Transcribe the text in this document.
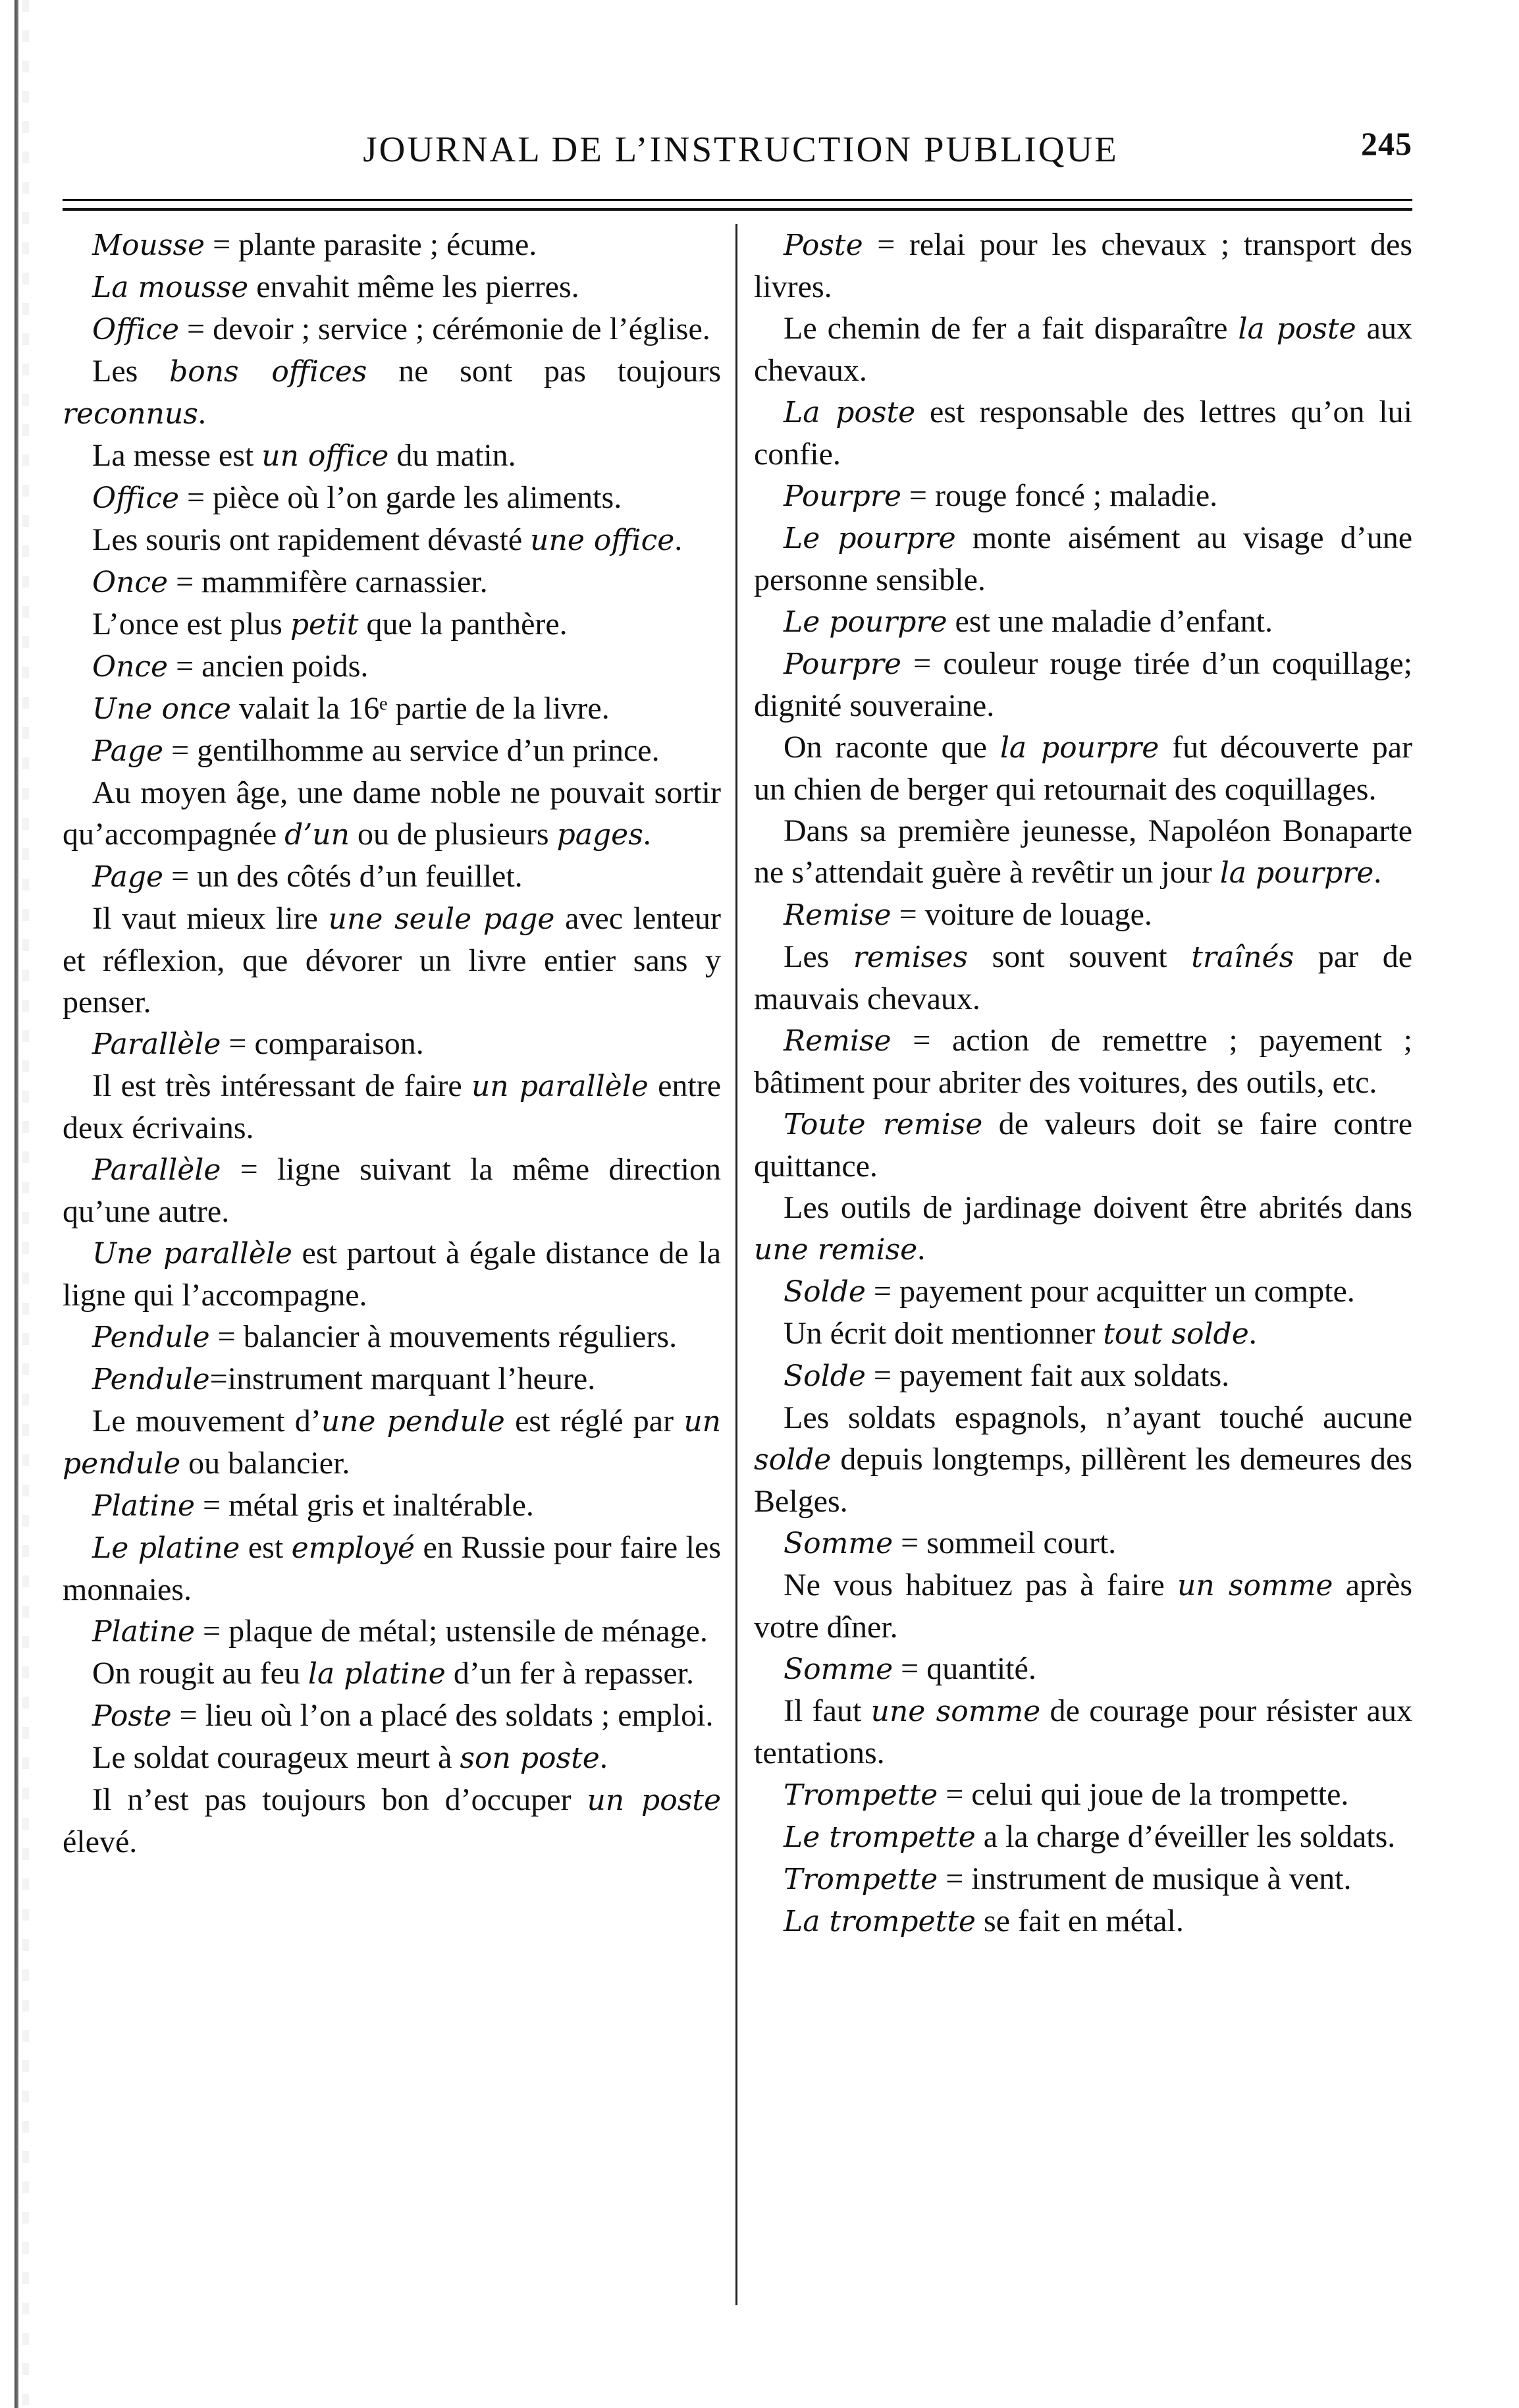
JOURNAL DE L’INSTRUCTION PUBLIQUE	245

Mousse = plante parasite ; écume.

La mousse envahit même les pierres.

Office = devoir ; service ; cérémonie de l’église.

Les bons offices ne sont pas toujours reconnus.

La messe est un office du matin.

Office = pièce où l’on garde les aliments.

Les souris ont rapidement dévasté une office.

Once = mammifère carnassier.

L’once est plus petit que la panthère.

Once = ancien poids.

Une once valait la 16ᵉ partie de la livre.

Page = gentilhomme au service d’un prince.

Au moyen âge, une dame noble ne pouvait sortir qu’accompagnée d’un ou de plusieurs pages.

Page = un des côtés d’un feuillet.

Il vaut mieux lire une seule page avec lenteur et réflexion, que dévorer un livre entier sans y penser.

Parallèle = comparaison.

Il est très intéressant de faire un parallèle entre deux écrivains.

Parallèle = ligne suivant la même direction qu’une autre.

Une parallèle est partout à égale distance de la ligne qui l’accompagne.

Pendule = balancier à mouvements réguliers.

Pendule=instrument marquant l’heure.

Le mouvement d’une pendule est réglé par un pendule ou balancier.

Platine = métal gris et inaltérable.

Le platine est employé en Russie pour faire les monnaies.

Platine = plaque de métal; ustensile de ménage.

On rougit au feu la platine d’un fer à repasser.

Poste = lieu où l’on a placé des soldats ; emploi.

Le soldat courageux meurt à son poste.

Il n’est pas toujours bon d’occuper un poste élevé.

Poste = relai pour les chevaux ; transport des livres.

Le chemin de fer a fait disparaître la poste aux chevaux.

La poste est responsable des lettres qu’on lui confie.

Pourpre = rouge foncé ; maladie.

Le pourpre monte aisément au visage d’une personne sensible.

Le pourpre est une maladie d’enfant.

Pourpre = couleur rouge tirée d’un coquillage; dignité souveraine.

On raconte que la pourpre fut découverte par un chien de berger qui retournait des coquillages.

Dans sa première jeunesse, Napoléon Bonaparte ne s’attendait guère à revêtir un jour la pourpre.

Remise = voiture de louage.

Les remises sont souvent traînés par de mauvais chevaux.

Remise = action de remettre ; payement ; bâtiment pour abriter des voitures, des outils, etc.

Toute remise de valeurs doit se faire contre quittance.

Les outils de jardinage doivent être abrités dans une remise.

Solde = payement pour acquitter un compte.

Un écrit doit mentionner tout solde.

Solde = payement fait aux soldats.

Les soldats espagnols, n’ayant touché aucune solde depuis longtemps, pillèrent les demeures des Belges.

Somme = sommeil court.

Ne vous habituez pas à faire un somme après votre dîner.

Somme = quantité.

Il faut une somme de courage pour résister aux tentations.

Trompette = celui qui joue de la trompette.

Le trompette a la charge d’éveiller les soldats.

Trompette = instrument de musique à vent.

La trompette se fait en métal.
